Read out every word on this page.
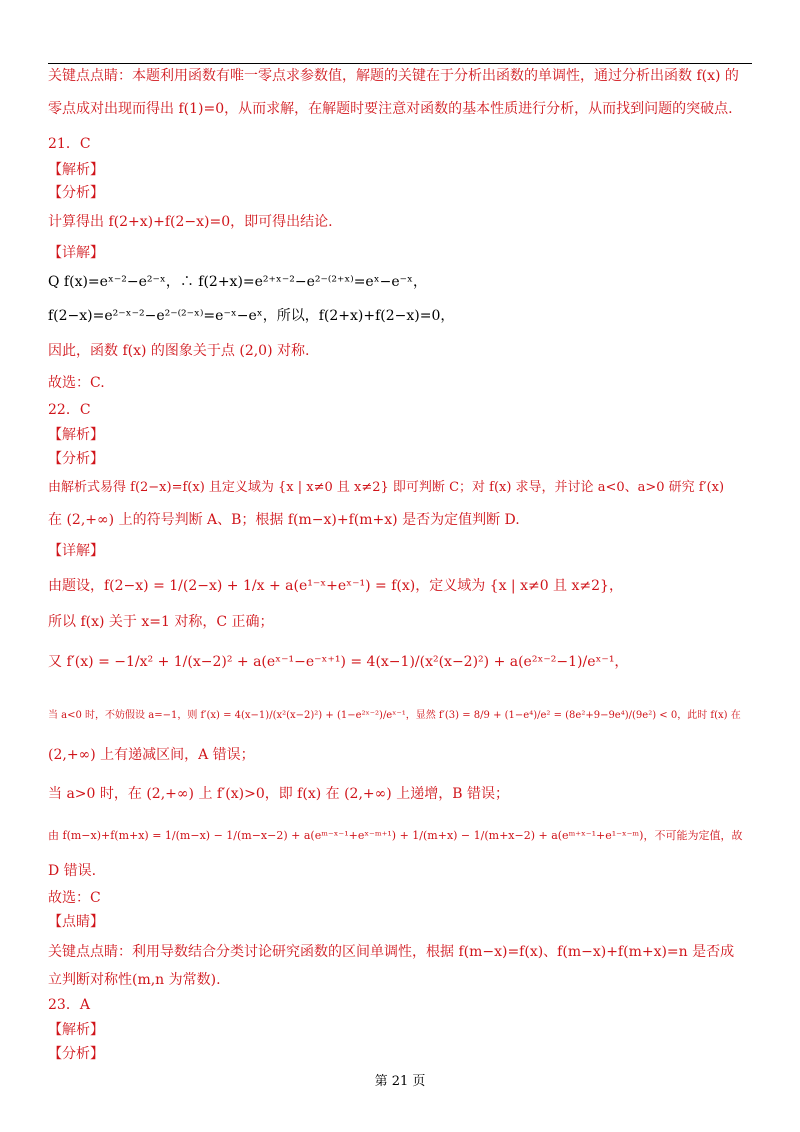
关键点点睛：本题利用函数有唯一零点求参数值，解题的关键在于分析出函数的单调性，通过分析出函数 f(x) 的
零点成对出现而得出 f(1)=0，从而求解，在解题时要注意对函数的基本性质进行分析，从而找到问题的突破点.
21．C
【解析】
【分析】
计算得出 f(2+x)+f(2−x)=0，即可得出结论.
【详解】
Q f(x)=eˣ⁻²−e²⁻ˣ，∴ f(2+x)=e²⁺ˣ⁻²−e²⁻⁽²⁺ˣ⁾=eˣ−e⁻ˣ，
f(2−x)=e²⁻ˣ⁻²−e²⁻⁽²⁻ˣ⁾=e⁻ˣ−eˣ，所以，f(2+x)+f(2−x)=0，
因此，函数 f(x) 的图象关于点 (2,0) 对称.
故选：C.
22．C
【解析】
【分析】
由解析式易得 f(2−x)=f(x) 且定义域为 {x | x≠0 且 x≠2} 即可判断 C；对 f(x) 求导，并讨论 a<0、a>0 研究 f′(x)
在 (2,+∞) 上的符号判断 A、B；根据 f(m−x)+f(m+x) 是否为定值判断 D.
【详解】
由题设，f(2−x) = 1/(2−x) + 1/x + a(e¹⁻ˣ+eˣ⁻¹) = f(x)，定义域为 {x | x≠0 且 x≠2}，
所以 f(x) 关于 x=1 对称，C 正确；
又 f′(x) = −1/x² + 1/(x−2)² + a(eˣ⁻¹−e⁻ˣ⁺¹) = 4(x−1)/(x²(x−2)²) + a(e²ˣ⁻²−1)/eˣ⁻¹，
当 a<0 时，不妨假设 a=−1，则 f′(x) = 4(x−1)/(x²(x−2)²) + (1−e²ˣ⁻²)/eˣ⁻¹，显然 f′(3) = 8/9 + (1−e⁴)/e² = (8e²+9−9e⁴)/(9e²) < 0，此时 f(x) 在
(2,+∞) 上有递减区间，A 错误；
当 a>0 时，在 (2,+∞) 上 f′(x)>0，即 f(x) 在 (2,+∞) 上递增，B 错误；
由 f(m−x)+f(m+x) = 1/(m−x) − 1/(m−x−2) + a(eᵐ⁻ˣ⁻¹+eˣ⁻ᵐ⁺¹) + 1/(m+x) − 1/(m+x−2) + a(eᵐ⁺ˣ⁻¹+e¹⁻ˣ⁻ᵐ)，不可能为定值，故
D 错误.
故选：C
【点睛】
关键点点睛：利用导数结合分类讨论研究函数的区间单调性，根据 f(m−x)=f(x)、f(m−x)+f(m+x)=n 是否成
立判断对称性(m,n 为常数).
23．A
【解析】
【分析】
第 21 页
